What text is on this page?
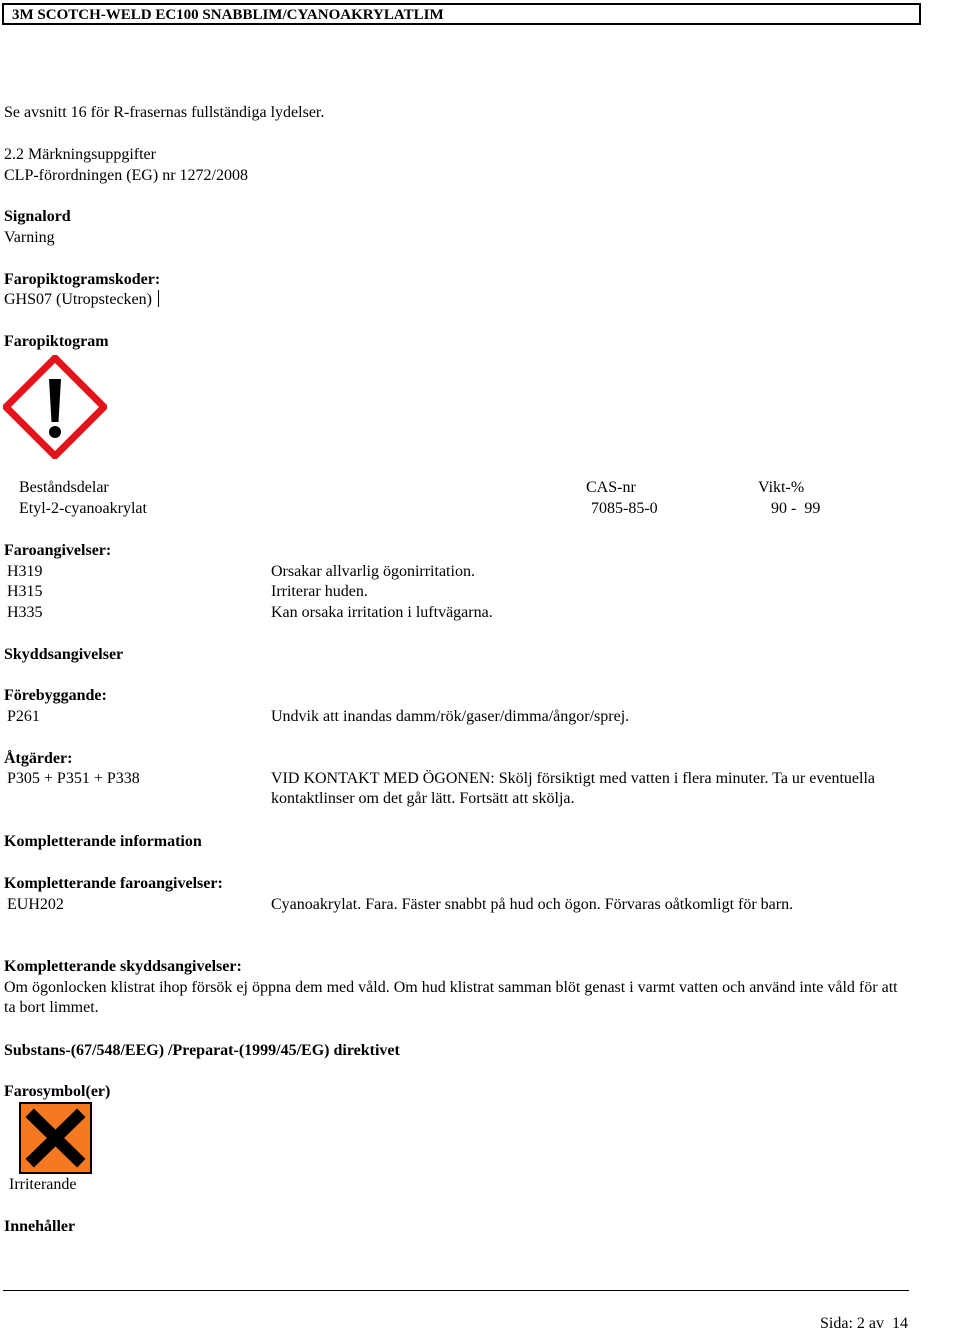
3M SCOTCH-WELD EC100 SNABBLIM/CYANOAKRYLATLIM
Se avsnitt 16 för R-frasernas fullständiga lydelser.
2.2 Märkningsuppgifter
CLP-förordningen (EG) nr 1272/2008
Signalord
Varning
Faropiktogramskoder:
GHS07 (Utropstecken)
Faropiktogram
Beståndsdelar	CAS-nr	Vikt-%
Etyl-2-cyanoakrylat	7085-85-0	90 -  99
Faroangivelser:
H319	Orsakar allvarlig ögonirritation.
H315	Irriterar huden.
H335	Kan orsaka irritation i luftvägarna.
Skyddsangivelser
Förebyggande:
P261	Undvik att inandas damm/rök/gaser/dimma/ångor/sprej.
Åtgärder:
P305 + P351 + P338	VID KONTAKT MED ÖGONEN: Skölj försiktigt med vatten i flera minuter. Ta ur eventuella kontaktlinser om det går lätt. Fortsätt att skölja.
Kompletterande information
Kompletterande faroangivelser:
EUH202	Cyanoakrylat. Fara. Fäster snabbt på hud och ögon. Förvaras oåtkomligt för barn.
Kompletterande skyddsangivelser:
Om ögonlocken klistrat ihop försök ej öppna dem med våld. Om hud klistrat samman blöt genast i varmt vatten och använd inte våld för att ta bort limmet.
Substans-(67/548/EEG) /Preparat-(1999/45/EG) direktivet
Farosymbol(er)
Irriterande
Innehåller
Sida: 2 av  14
